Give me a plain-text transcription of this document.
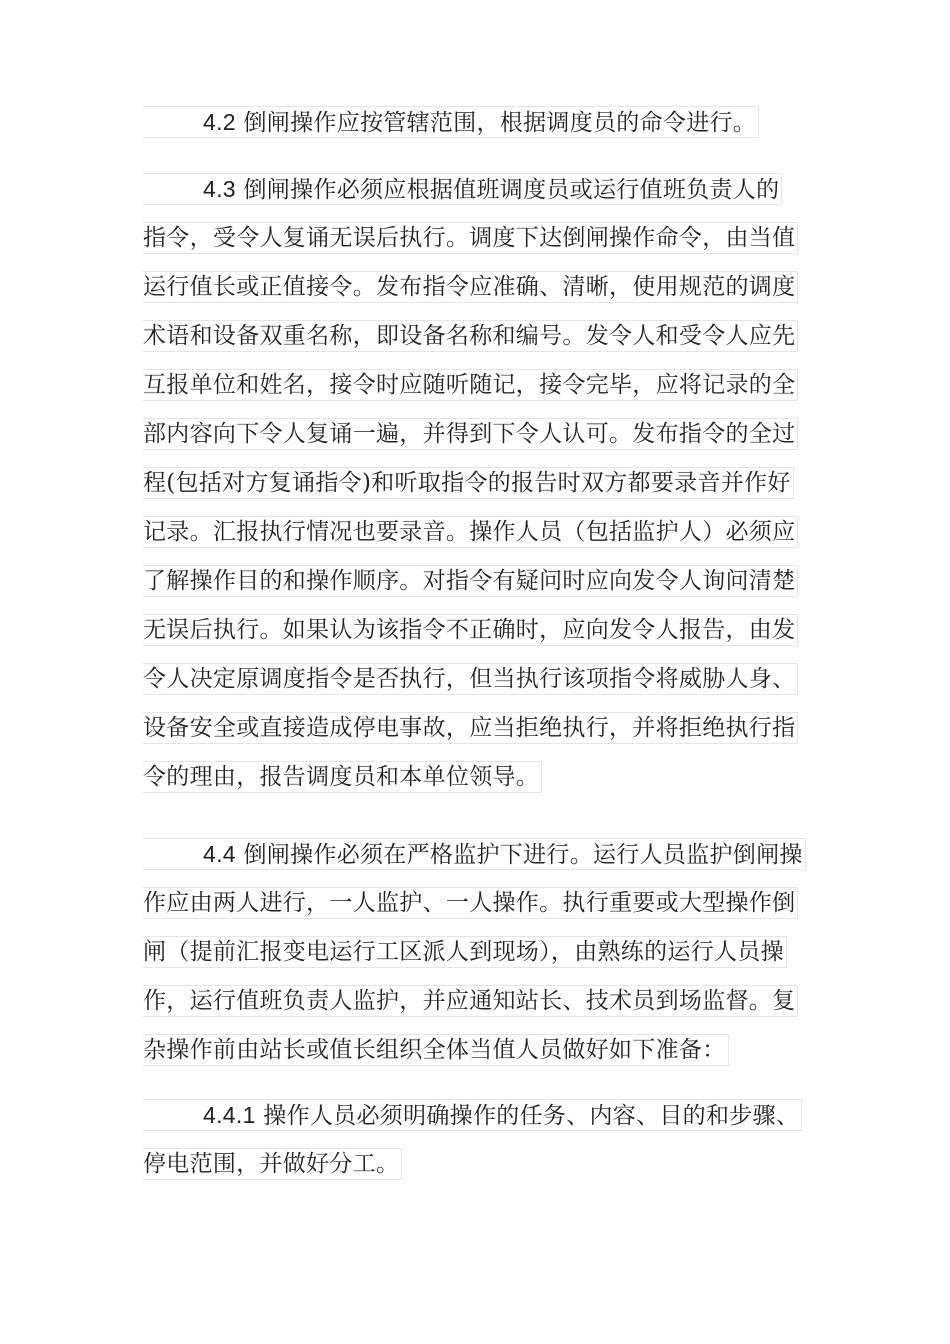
4.2 倒闸操作应按管辖范围，根据调度员的命令进行。
4.3 倒闸操作必须应根据值班调度员或运行值班负责人的
指令，受令人复诵无误后执行。调度下达倒闸操作命令，由当值
运行值长或正值接令。发布指令应准确、清晰，使用规范的调度
术语和设备双重名称，即设备名称和编号。发令人和受令人应先
互报单位和姓名，接令时应随听随记，接令完毕，应将记录的全
部内容向下令人复诵一遍，并得到下令人认可。发布指令的全过
程(包括对方复诵指令)和听取指令的报告时双方都要录音并作好
记录。汇报执行情况也要录音。操作人员（包括监护人）必须应
了解操作目的和操作顺序。对指令有疑问时应向发令人询问清楚
无误后执行。如果认为该指令不正确时，应向发令人报告，由发
令人决定原调度指令是否执行，但当执行该项指令将威胁人身、
设备安全或直接造成停电事故，应当拒绝执行，并将拒绝执行指
令的理由，报告调度员和本单位领导。
4.4 倒闸操作必须在严格监护下进行。运行人员监护倒闸操
作应由两人进行，一人监护、一人操作。执行重要或大型操作倒
闸（提前汇报变电运行工区派人到现场），由熟练的运行人员操
作，运行值班负责人监护，并应通知站长、技术员到场监督。复
杂操作前由站长或值长组织全体当值人员做好如下准备：
4.4.1 操作人员必须明确操作的任务、内容、目的和步骤、
停电范围，并做好分工。
